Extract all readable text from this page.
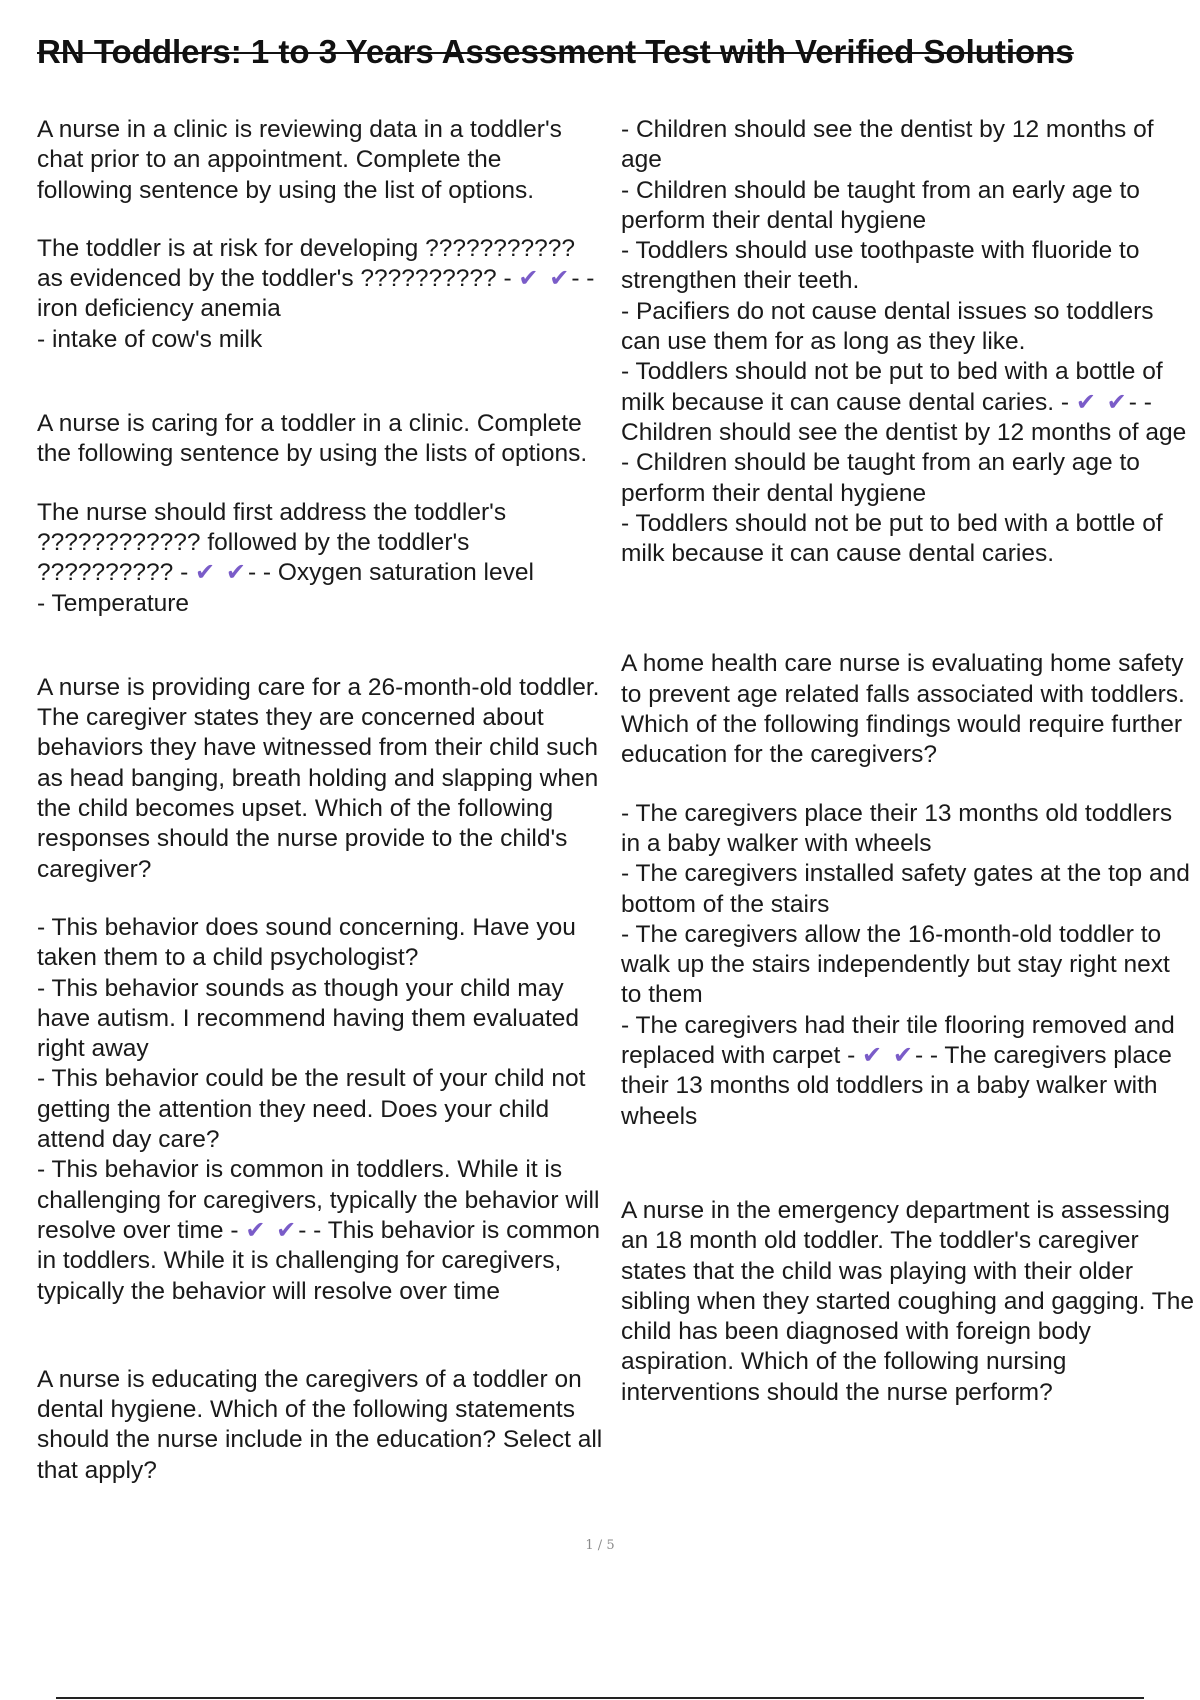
RN Toddlers: 1 to 3 Years Assessment Test with Verified Solutions

A nurse in a clinic is reviewing data in a toddler's chat prior to an appointment. Complete the following sentence by using the list of options.

The toddler is at risk for developing ??????????? as evidenced by the toddler's ?????????? - ✔ ✔- - iron deficiency anemia
- intake of cow's milk

A nurse is caring for a toddler in a clinic. Complete the following sentence by using the lists of options.

The nurse should first address the toddler's ???????????? followed by the toddler's ?????????? - ✔ ✔- - Oxygen saturation level
- Temperature

A nurse is providing care for a 26-month-old toddler. The caregiver states they are concerned about behaviors they have witnessed from their child such as head banging, breath holding and slapping when the child becomes upset. Which of the following responses should the nurse provide to the child's caregiver?

- This behavior does sound concerning. Have you taken them to a child psychologist?
- This behavior sounds as though your child may have autism. I recommend having them evaluated right away
- This behavior could be the result of your child not getting the attention they need. Does your child attend day care?
- This behavior is common in toddlers. While it is challenging for caregivers, typically the behavior will resolve over time - ✔ ✔- - This behavior is common in toddlers. While it is challenging for caregivers, typically the behavior will resolve over time

A nurse is educating the caregivers of a toddler on dental hygiene. Which of the following statements should the nurse include in the education? Select all that apply?

- Children should see the dentist by 12 months of age
- Children should be taught from an early age to perform their dental hygiene
- Toddlers should use toothpaste with fluoride to strengthen their teeth.
- Pacifiers do not cause dental issues so toddlers can use them for as long as they like.
- Toddlers should not be put to bed with a bottle of milk because it can cause dental caries. - ✔ ✔- - Children should see the dentist by 12 months of age
- Children should be taught from an early age to perform their dental hygiene
- Toddlers should not be put to bed with a bottle of milk because it can cause dental caries.

A home health care nurse is evaluating home safety to prevent age related falls associated with toddlers. Which of the following findings would require further education for the caregivers?

- The caregivers place their 13 months old toddlers in a baby walker with wheels
- The caregivers installed safety gates at the top and bottom of the stairs
- The caregivers allow the 16-month-old toddler to walk up the stairs independently but stay right next to them
- The caregivers had their tile flooring removed and replaced with carpet - ✔ ✔- - The caregivers place their 13 months old toddlers in a baby walker with wheels

A nurse in the emergency department is assessing an 18 month old toddler. The toddler's caregiver states that the child was playing with their older sibling when they started coughing and gagging. The child has been diagnosed with foreign body aspiration. Which of the following nursing interventions should the nurse perform?

1 / 5
